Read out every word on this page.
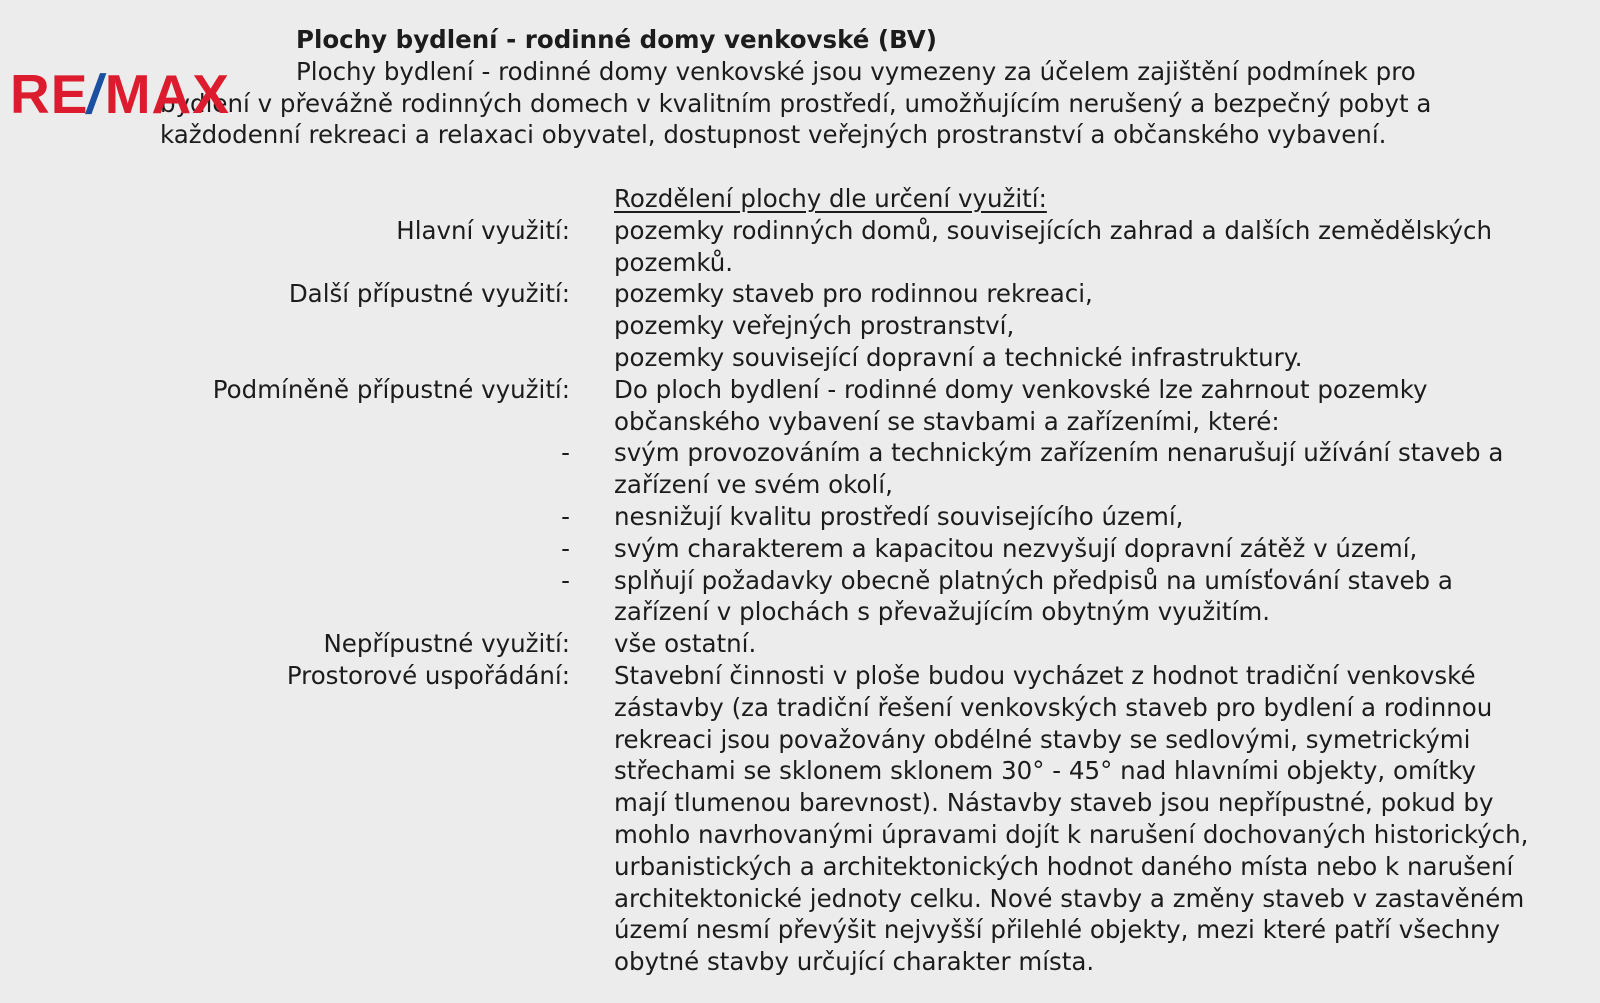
Plochy bydlení - rodinné domy venkovské (BV)

Plochy bydlení - rodinné domy venkovské jsou vymezeny za účelem zajištění podmínek pro bydlení v převážně rodinných domech v kvalitním prostředí, umožňujícím nerušený a bezpečný pobyt a každodenní rekreaci a relaxaci obyvatel, dostupnost veřejných prostranství a občanského vybavení.

Rozdělení plochy dle určení využití:
Hlavní využití: pozemky rodinných domů, souvisejících zahrad a dalších zemědělských pozemků.

Další přípustné využití: pozemky staveb pro rodinnou rekreaci,

pozemky veřejných prostranství,

pozemky související dopravní a technické infrastruktury.

Podmíněně přípustné využití: Do ploch bydlení - rodinné domy venkovské lze zahrnout pozemky občanského vybavení se stavbami a zařízeními, které:

- svým provozováním a technickým zařízením nenarušují užívání staveb a zařízení ve svém okolí,

- nesnižují kvalitu prostředí souvisejícího území,

- svým charakterem a kapacitou nezvyšují dopravní zátěž v území,

- splňují požadavky obecně platných předpisů na umísťování staveb a zařízení v plochách s převažujícím obytným využitím.

Nepřípustné využití: vše ostatní.

Prostorové uspořádání: Stavební činnosti v ploše budou vycházet z hodnot tradiční venkovské zástavby (za tradiční řešení venkovských staveb pro bydlení a rodinnou rekreaci jsou považovány obdélné stavby se sedlovými, symetrickými střechami se sklonem sklonem 30° - 45° nad hlavními objekty, omítky mají tlumenou barevnost). Nástavby staveb jsou nepřípustné, pokud by mohlo navrhovanými úpravami dojít k narušení dochovaných historických, urbanistických a architektonických hodnot daného místa nebo k narušení architektonické jednoty celku. Nové stavby a změny staveb v zastavěném území nesmí převýšit nejvyšší přilehlé objekty, mezi které patří všechny obytné stavby určující charakter místa.

RE/MAX
